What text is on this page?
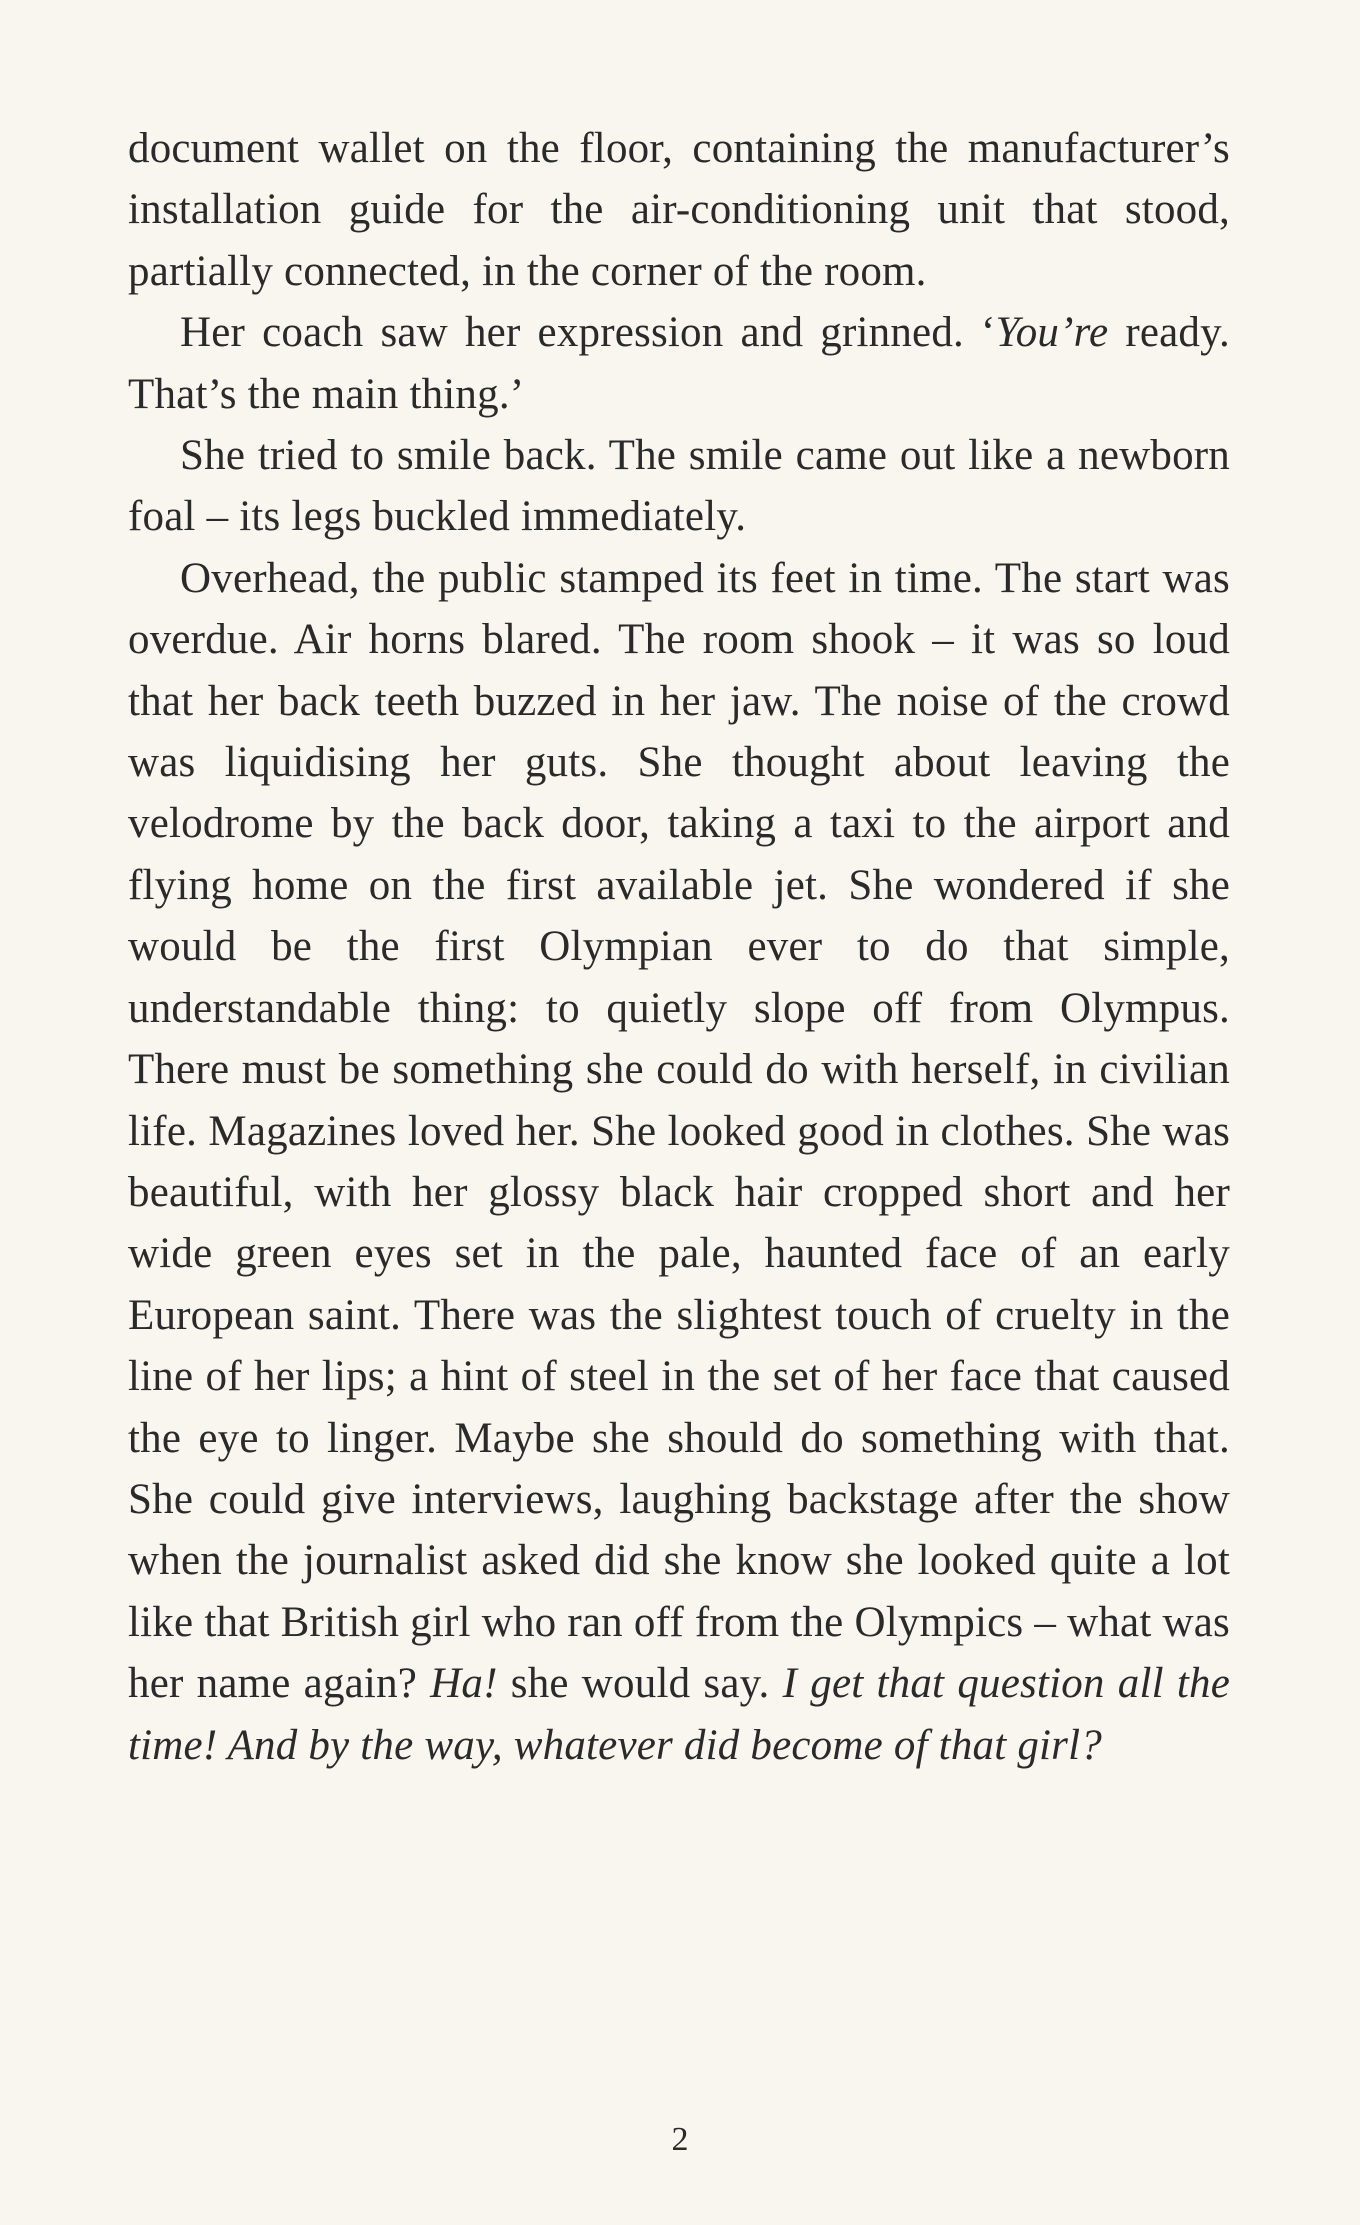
document wallet on the floor, containing the manufacturer’s installation guide for the air-conditioning unit that stood, partially connected, in the corner of the room.

Her coach saw her expression and grinned. ‘You’re ready. That’s the main thing.’

She tried to smile back. The smile came out like a newborn foal – its legs buckled immediately.

Overhead, the public stamped its feet in time. The start was overdue. Air horns blared. The room shook – it was so loud that her back teeth buzzed in her jaw. The noise of the crowd was liquidising her guts. She thought about leaving the velodrome by the back door, taking a taxi to the airport and flying home on the first available jet. She wondered if she would be the first Olympian ever to do that simple, understandable thing: to quietly slope off from Olympus. There must be something she could do with herself, in civilian life. Magazines loved her. She looked good in clothes. She was beautiful, with her glossy black hair cropped short and her wide green eyes set in the pale, haunted face of an early European saint. There was the slightest touch of cruelty in the line of her lips; a hint of steel in the set of her face that caused the eye to linger. Maybe she should do something with that. She could give interviews, laughing backstage after the show when the journalist asked did she know she looked quite a lot like that British girl who ran off from the Olympics – what was her name again? Ha! she would say. I get that question all the time! And by the way, whatever did become of that girl?

2
